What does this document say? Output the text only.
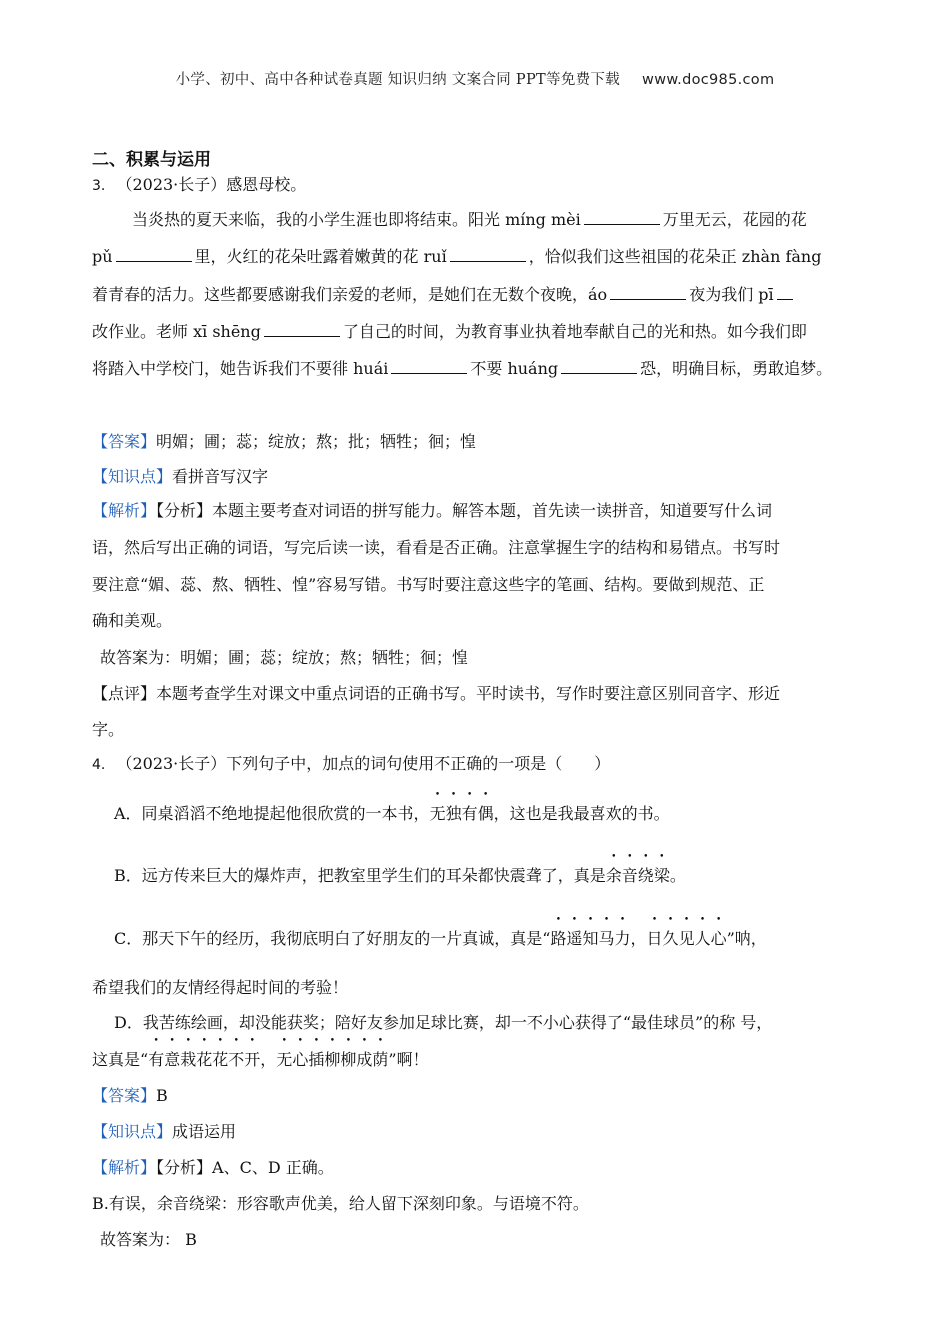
小学、初中、高中各种试卷真题 知识归纳 文案合同 PPT等免费下载 www.doc985.com
二、积累与运用
3. （2023·长子）感恩母校。
当炎热的夏天来临，我的小学生涯也即将结束。阳光 míng mèi	万里无云，花园的花
pǔ	里，火红的花朵吐露着嫩黄的花 ruǐ	，恰似我们这些祖国的花朵正 zhàn fàng
着青春的活力。这些都要感谢我们亲爱的老师，是她们在无数个夜晚，áo	夜为我们 pī
改作业。老师 xī shēng	了自己的时间，为教育事业执着地奉献自己的光和热。如今我们即
将踏入中学校门，她告诉我们不要徘 huái	不要 huáng	恐，明确目标，勇敢追梦。
【答案】明媚；圃；蕊；绽放；熬；批；牺牲；徊；惶
【知识点】看拼音写汉字
【解析】【分析】本题主要考查对词语的拼写能力。解答本题，首先读一读拼音，知道要写什么词
语，然后写出正确的词语，写完后读一读，看看是否正确。注意掌握生字的结构和易错点。书写时
要注意“媚、蕊、熬、牺牲、惶”容易写错。书写时要注意这些字的笔画、结构。要做到规范、正
确和美观。
故答案为：明媚；圃；蕊；绽放；熬；牺牲；徊；惶
【点评】本题考查学生对课文中重点词语的正确书写。平时读书，写作时要注意区别同音字、形近
字。
4. （2023·长子）下列句子中，加点的词句使用不正确的一项是（　　）
A．同桌滔滔不绝地提起他很欣赏的一本书，无独有偶，这也是我最喜欢的书。
B．远方传来巨大的爆炸声，把教室里学生们的耳朵都快震聋了，真是余音绕梁。
C．那天下午的经历，我彻底明白了好朋友的一片真诚，真是“路遥知马力，日久见人心”呐，
希望我们的友情经得起时间的考验！
D．我苦练绘画，却没能获奖；陪好友参加足球比赛，却一不小心获得了“最佳球员”的称 号，
这真是“有意栽花花不开，无心插柳柳成荫”啊！
【答案】B
【知识点】成语运用
【解析】【分析】A、C、D 正确。
B.有误，余音绕梁：形容歌声优美，给人留下深刻印象。与语境不符。
故答案为： B
